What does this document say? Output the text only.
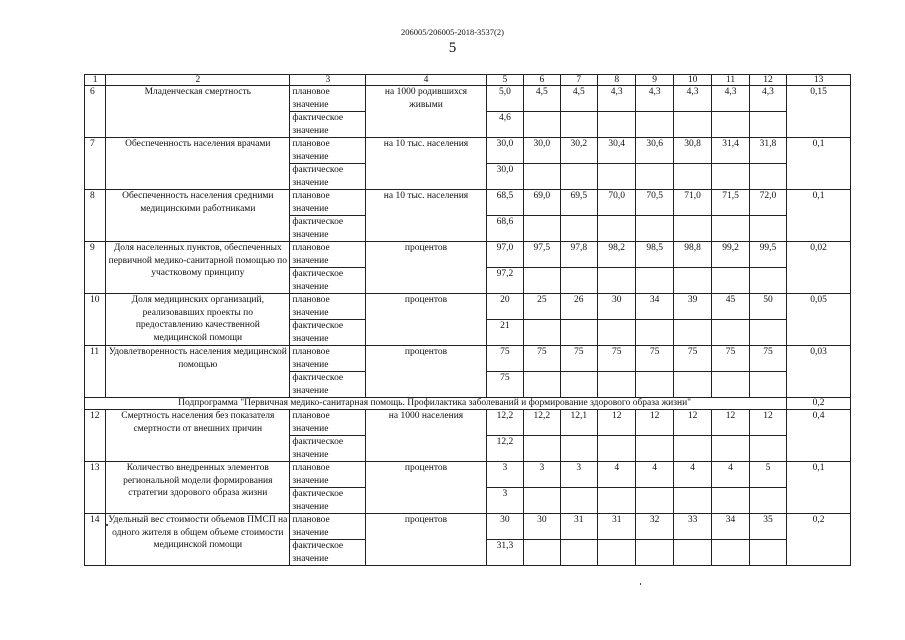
206005/206005-2018-3537(2)
5
1	2	3	4	5	6	7	8	9	10	11	12	13
6	Младенческая смертность	плановое значение	на 1000 родившихся живыми	5,0	4,5	4,5	4,3	4,3	4,3	4,3	4,3	0,15
		фактическое значение		4,6								
7	Обеспеченность населения врачами	плановое значение	на 10 тыс. населения	30,0	30,0	30,2	30,4	30,6	30,8	31,4	31,8	0,1
		фактическое значение		30,0								
8	Обеспеченность населения средними медицинскими работниками	плановое значение	на 10 тыс. населения	68,5	69,0	69,5	70,0	70,5	71,0	71,5	72,0	0,1
		фактическое значение		68,6								
9	Доля населенных пунктов, обеспеченных первичной медико-санитарной помощью по участковому принципу	плановое значение	процентов	97,0	97,5	97,8	98,2	98,5	98,8	99,2	99,5	0,02
		фактическое значение		97,2								
10	Доля медицинских организаций, реализовавших проекты по предоставлению качественной медицинской помощи	плановое значение	процентов	20	25	26	30	34	39	45	50	0,05
		фактическое значение		21								
11	Удовлетворенность населения медицинской помощью	плановое значение	процентов	75	75	75	75	75	75	75	75	0,03
		фактическое значение		75								
Подпрограмма "Первичная медико-санитарная помощь. Профилактика заболеваний и формирование здорового образа жизни"												0,2
12	Смертность населения без показателя смертности от внешних причин	плановое значение	на 1000 населения	12,2	12,2	12,1	12	12	12	12	12	0,4
		фактическое значение		12,2								
13	Количество внедренных элементов региональной модели формирования стратегии здорового образа жизни	плановое значение	процентов	3	3	3	4	4	4	4	5	0,1
		фактическое значение		3								
14	Удельный вес стоимости объемов ПМСП на одного жителя в общем объеме стоимости медицинской помощи	плановое значение	процентов	30	30	31	31	32	33	34	35	0,2
		фактическое значение		31,3								
